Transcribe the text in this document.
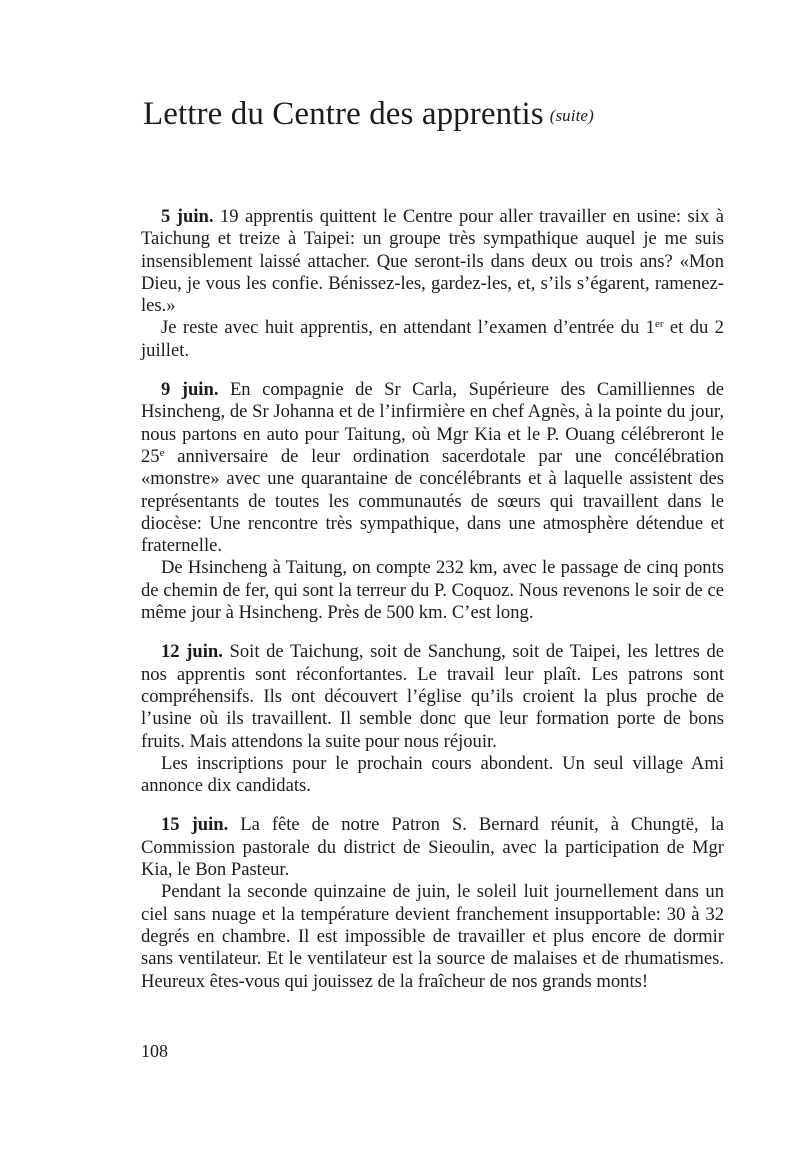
Lettre du Centre des apprentis (suite)

5 juin. 19 apprentis quittent le Centre pour aller travailler en usine: six à Taichung et treize à Taipei: un groupe très sympathique auquel je me suis insensiblement laissé attacher. Que seront-ils dans deux ou trois ans? «Mon Dieu, je vous les confie. Bénissez-les, gardez-les, et, s’ils s’égarent, ramenez-les.»

Je reste avec huit apprentis, en attendant l’examen d’entrée du 1er et du 2 juillet.

9 juin. En compagnie de Sr Carla, Supérieure des Camilliennes de Hsincheng, de Sr Johanna et de l’infirmière en chef Agnès, à la pointe du jour, nous partons en auto pour Taitung, où Mgr Kia et le P. Ouang célébreront le 25e anniversaire de leur ordination sacerdotale par une concélébration «monstre» avec une quarantaine de concélébrants et à laquelle assistent des représentants de toutes les communautés de sœurs qui travaillent dans le diocèse: Une rencontre très sympathique, dans une atmosphère détendue et fraternelle.

De Hsincheng à Taitung, on compte 232 km, avec le passage de cinq ponts de chemin de fer, qui sont la terreur du P. Coquoz. Nous revenons le soir de ce même jour à Hsincheng. Près de 500 km. C’est long.

12 juin. Soit de Taichung, soit de Sanchung, soit de Taipei, les lettres de nos apprentis sont réconfortantes. Le travail leur plaît. Les patrons sont compréhensifs. Ils ont découvert l’église qu’ils croient la plus proche de l’usine où ils travaillent. Il semble donc que leur formation porte de bons fruits. Mais attendons la suite pour nous réjouir.

Les inscriptions pour le prochain cours abondent. Un seul village Ami annonce dix candidats.

15 juin. La fête de notre Patron S. Bernard réunit, à Chungtë, la Commission pastorale du district de Sieoulin, avec la participation de Mgr Kia, le Bon Pasteur.

Pendant la seconde quinzaine de juin, le soleil luit journellement dans un ciel sans nuage et la température devient franchement insupportable: 30 à 32 degrés en chambre. Il est impossible de travailler et plus encore de dormir sans ventilateur. Et le ventilateur est la source de malaises et de rhumatismes. Heureux êtes-vous qui jouissez de la fraîcheur de nos grands monts!

108
